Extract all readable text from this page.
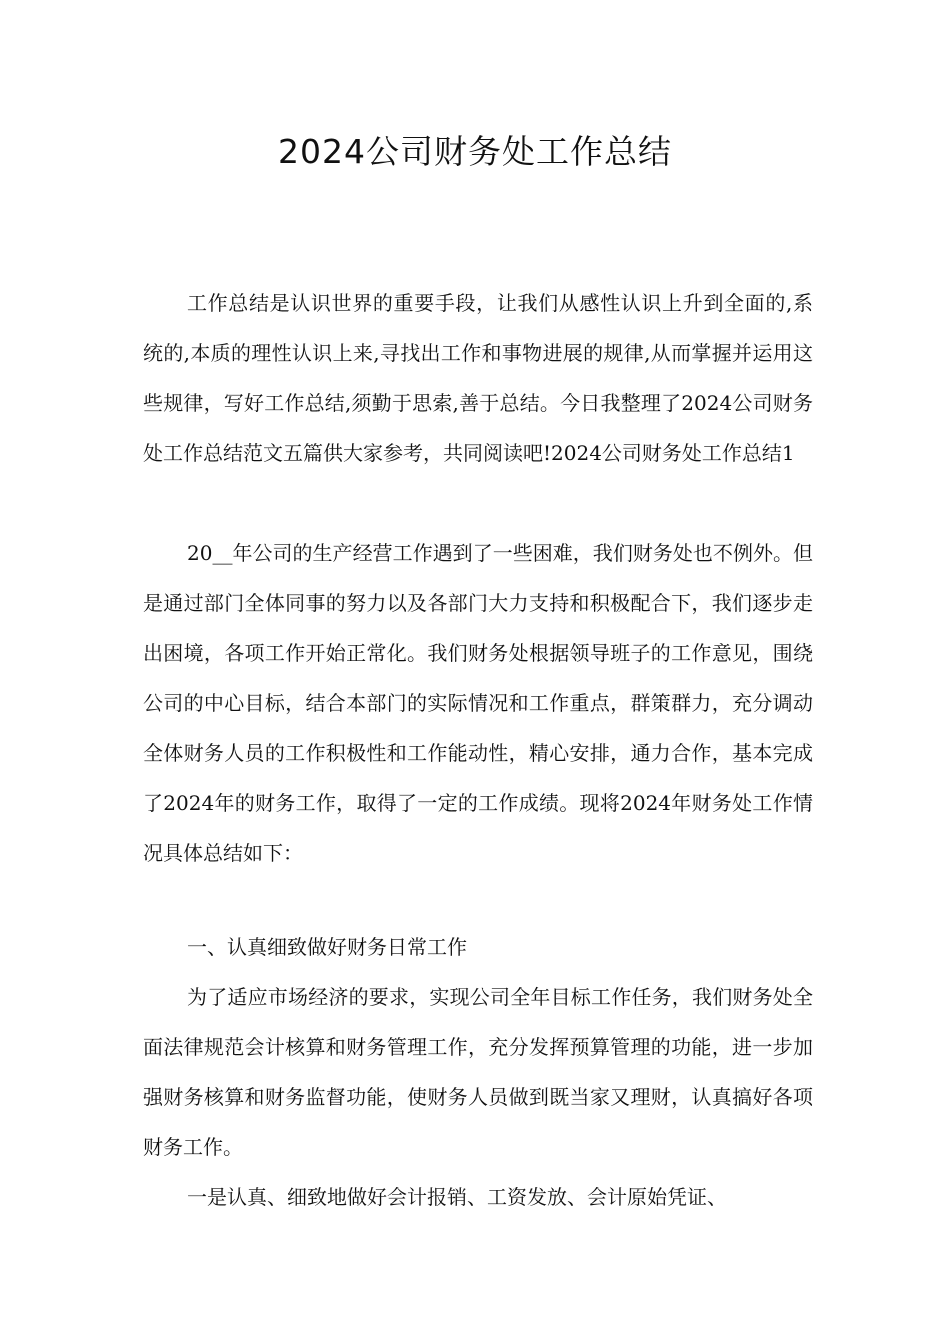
2024公司财务处工作总结

工作总结是认识世界的重要手段，让我们从感性认识上升到全面的,系统的,本质的理性认识上来,寻找出工作和事物进展的规律,从而掌握并运用这些规律，写好工作总结,须勤于思索,善于总结。今日我整理了2024公司财务处工作总结范文五篇供大家参考，共同阅读吧!2024公司财务处工作总结1

20__年公司的生产经营工作遇到了一些困难，我们财务处也不例外。但是通过部门全体同事的努力以及各部门大力支持和积极配合下，我们逐步走出困境，各项工作开始正常化。我们财务处根据领导班子的工作意见，围绕公司的中心目标，结合本部门的实际情况和工作重点，群策群力，充分调动全体财务人员的工作积极性和工作能动性，精心安排，通力合作，基本完成了2024年的财务工作，取得了一定的工作成绩。现将2024年财务处工作情况具体总结如下：

一、认真细致做好财务日常工作

为了适应市场经济的要求，实现公司全年目标工作任务，我们财务处全面法律规范会计核算和财务管理工作，充分发挥预算管理的功能，进一步加强财务核算和财务监督功能，使财务人员做到既当家又理财，认真搞好各项财务工作。

一是认真、细致地做好会计报销、工资发放、会计原始凭证、
